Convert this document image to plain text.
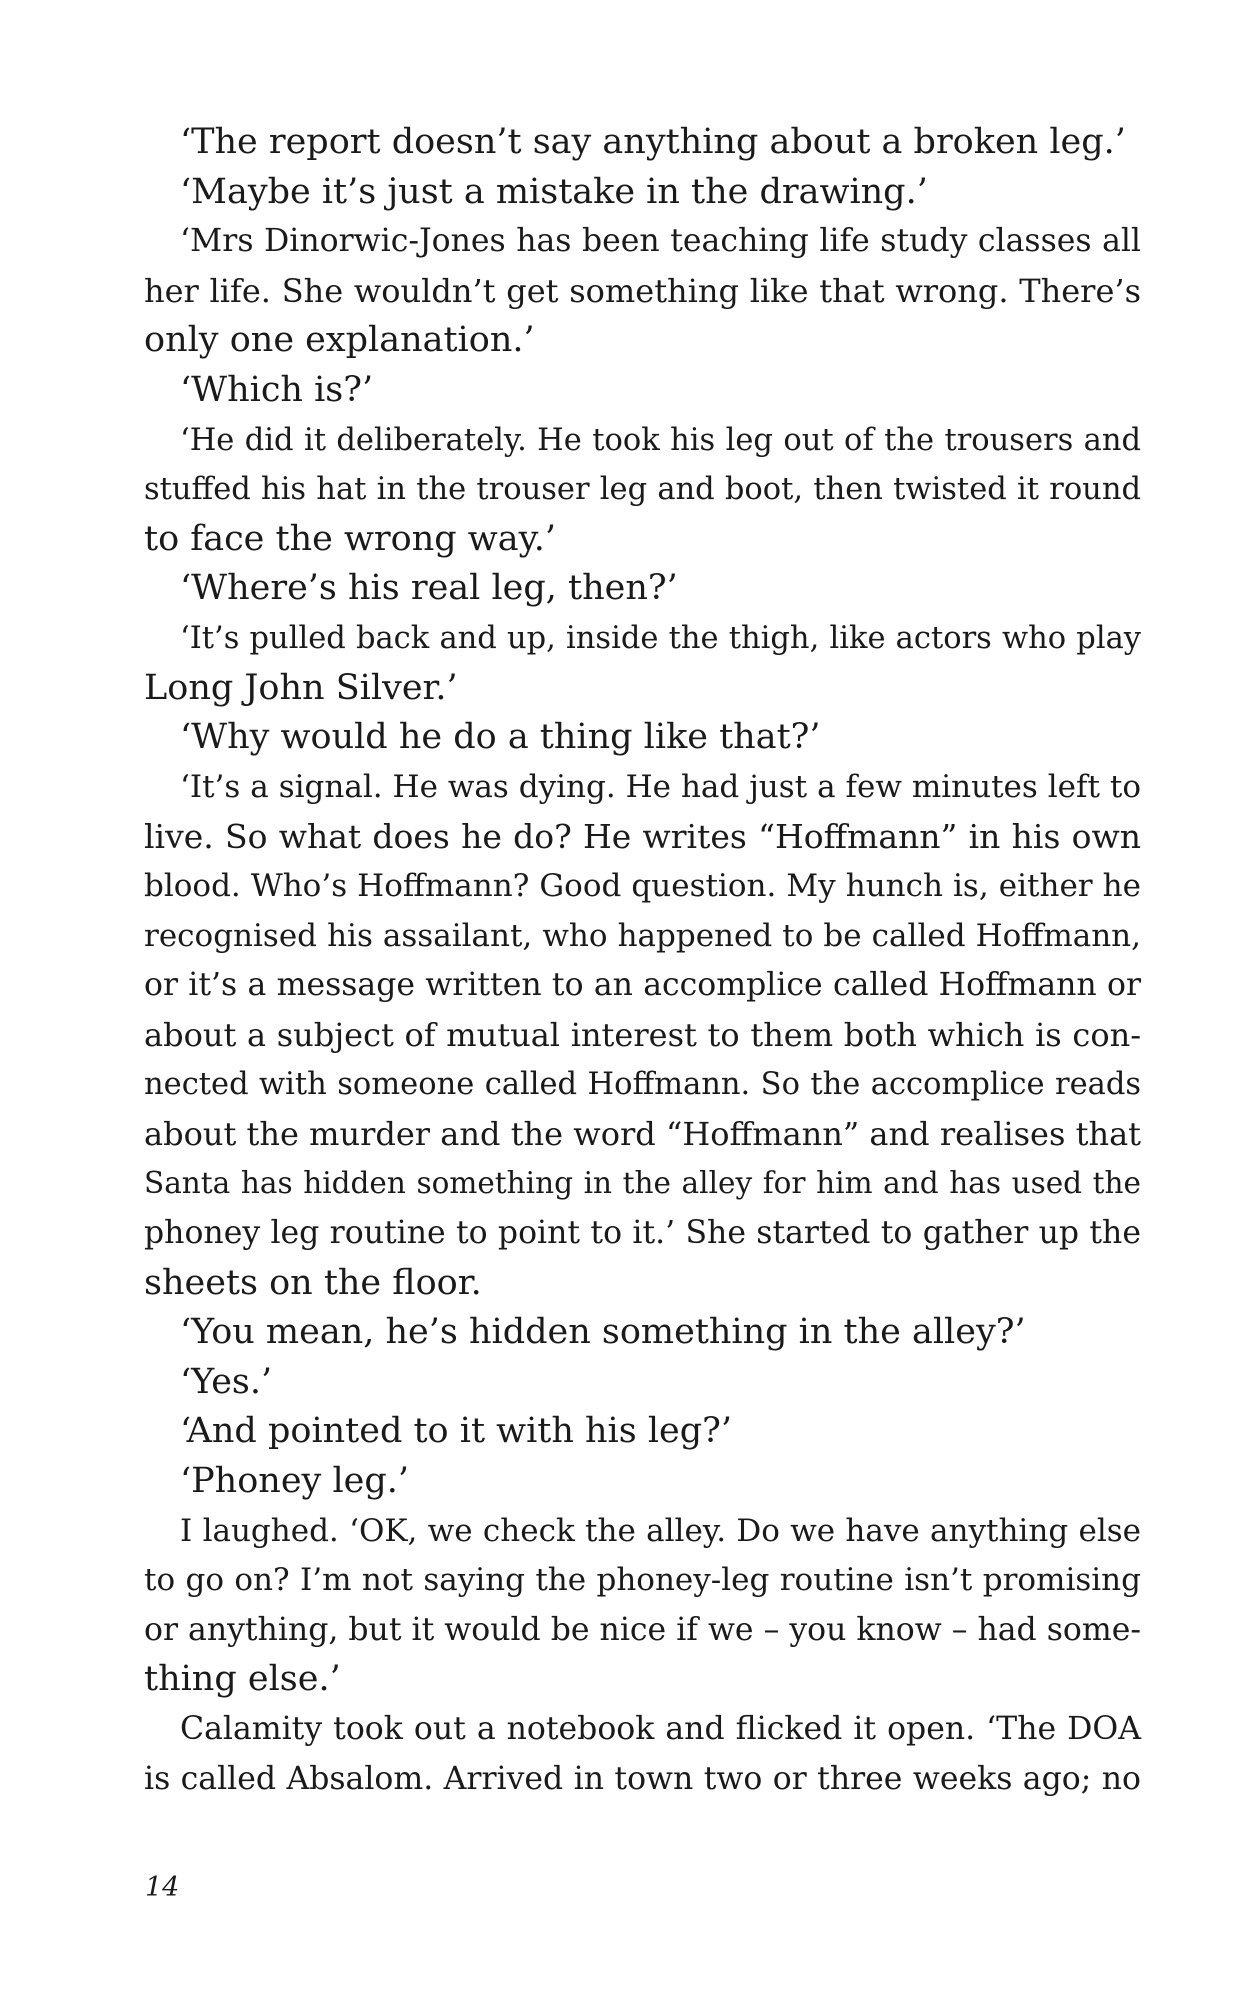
‘The report doesn’t say anything about a broken leg.’
‘Maybe it’s just a mistake in the drawing.’
‘Mrs Dinorwic-Jones has been teaching life study classes all
her life. She wouldn’t get something like that wrong. There’s
only one explanation.’
‘Which is?’
‘He did it deliberately. He took his leg out of the trousers and
stuffed his hat in the trouser leg and boot, then twisted it round
to face the wrong way.’
‘Where’s his real leg, then?’
‘It’s pulled back and up, inside the thigh, like actors who play
Long John Silver.’
‘Why would he do a thing like that?’
‘It’s a signal. He was dying. He had just a few minutes left to
live. So what does he do? He writes “Hoffmann” in his own
blood. Who’s Hoffmann? Good question. My hunch is, either he
recognised his assailant, who happened to be called Hoffmann,
or it’s a message written to an accomplice called Hoffmann or
about a subject of mutual interest to them both which is con-
nected with someone called Hoffmann. So the accomplice reads
about the murder and the word “Hoffmann” and realises that
Santa has hidden something in the alley for him and has used the
phoney leg routine to point to it.’ She started to gather up the
sheets on the floor.
‘You mean, he’s hidden something in the alley?’
‘Yes.’
‘And pointed to it with his leg?’
‘Phoney leg.’
I laughed. ‘OK, we check the alley. Do we have anything else
to go on? I’m not saying the phoney-leg routine isn’t promising
or anything, but it would be nice if we – you know – had some-
thing else.’
Calamity took out a notebook and flicked it open. ‘The DOA
is called Absalom. Arrived in town two or three weeks ago; no
14
